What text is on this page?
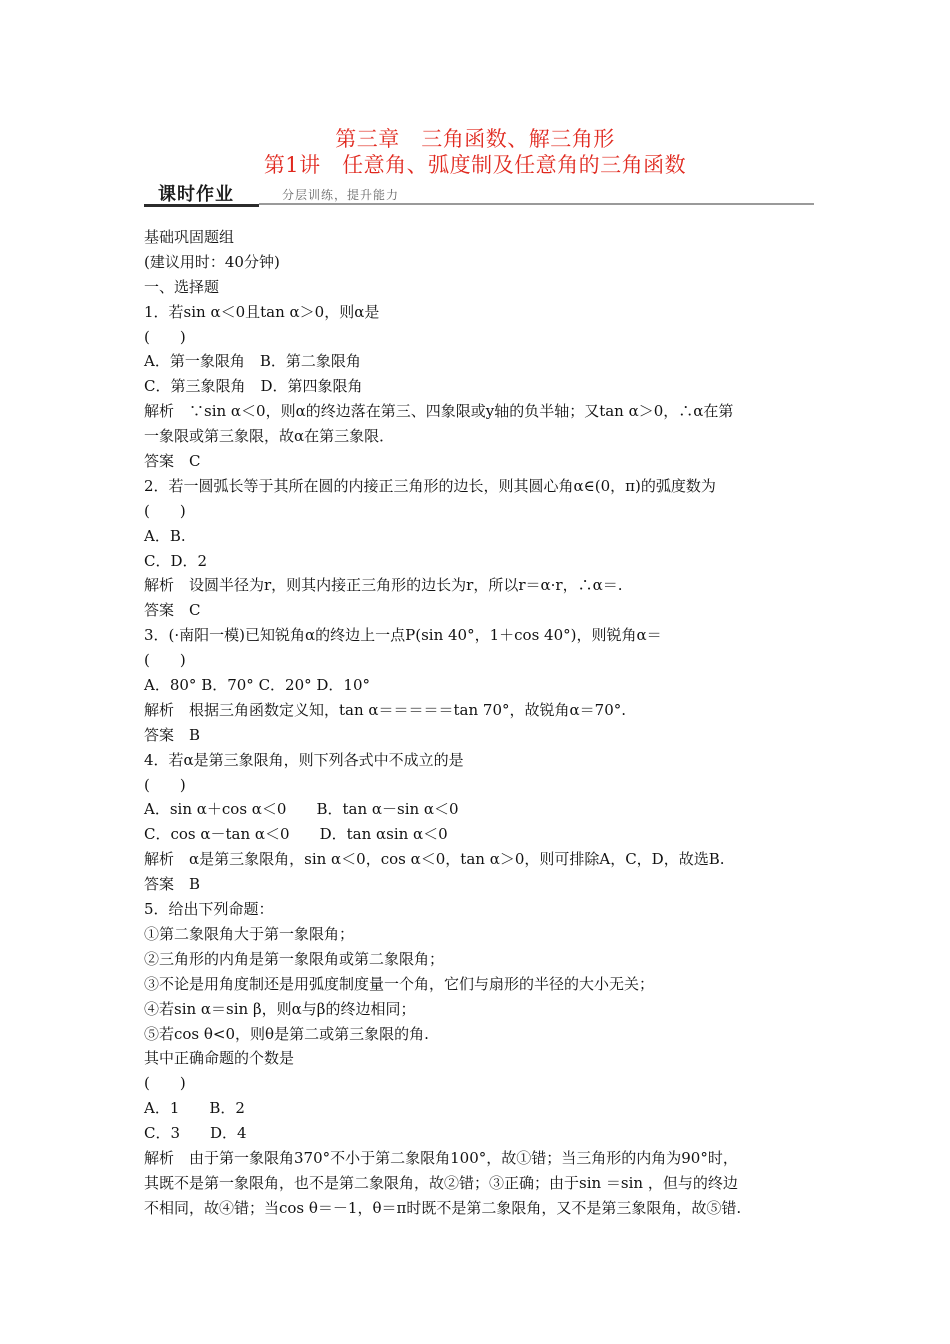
第三章　三角函数、解三角形
第1讲　任意角、弧度制及任意角的三角函数
课时作业	分层训练，提升能力
基础巩固题组
(建议用时：40分钟)
一、选择题
1．若sin α＜0且tan α＞0，则α是
(　　)
A．第一象限角　B．第二象限角
C．第三象限角　D．第四象限角
解析　∵sin α＜0，则α的终边落在第三、四象限或y轴的负半轴；又tan α＞0，∴α在第
一象限或第三象限，故α在第三象限．
答案　C
2．若一圆弧长等于其所在圆的内接正三角形的边长，则其圆心角α∈(0，π)的弧度数为
(　　)
A．B.
C．D．2
解析　设圆半径为r，则其内接正三角形的边长为r，所以r＝α·r，∴α＝.
答案　C
3．(·南阳一模)已知锐角α的终边上一点P(sin 40°，1＋cos 40°)，则锐角α＝
(　　)
A．80° B．70° C．20° D．10°
解析　根据三角函数定义知，tan α＝＝＝＝＝tan 70°，故锐角α＝70°.
答案　B
4．若α是第三象限角，则下列各式中不成立的是
(　　)
A．sin α＋cos α＜0　　B．tan α－sin α＜0
C．cos α－tan α＜0　　D．tan αsin α＜0
解析　α是第三象限角，sin α＜0，cos α＜0，tan α＞0，则可排除A，C，D，故选B.
答案　B
5．给出下列命题：
①第二象限角大于第一象限角；
②三角形的内角是第一象限角或第二象限角；
③不论是用角度制还是用弧度制度量一个角，它们与扇形的半径的大小无关；
④若sin α＝sin β，则α与β的终边相同；
⑤若cos θ<0，则θ是第二或第三象限的角.
其中正确命题的个数是
(　　)
A．1　　B．2
C．3　　D．4
解析　由于第一象限角370°不小于第二象限角100°，故①错；当三角形的内角为90°时，
其既不是第一象限角，也不是第二象限角，故②错；③正确；由于sin ＝sin ，但与的终边
不相同，故④错；当cos θ＝－1，θ＝π时既不是第二象限角，又不是第三象限角，故⑤错.
